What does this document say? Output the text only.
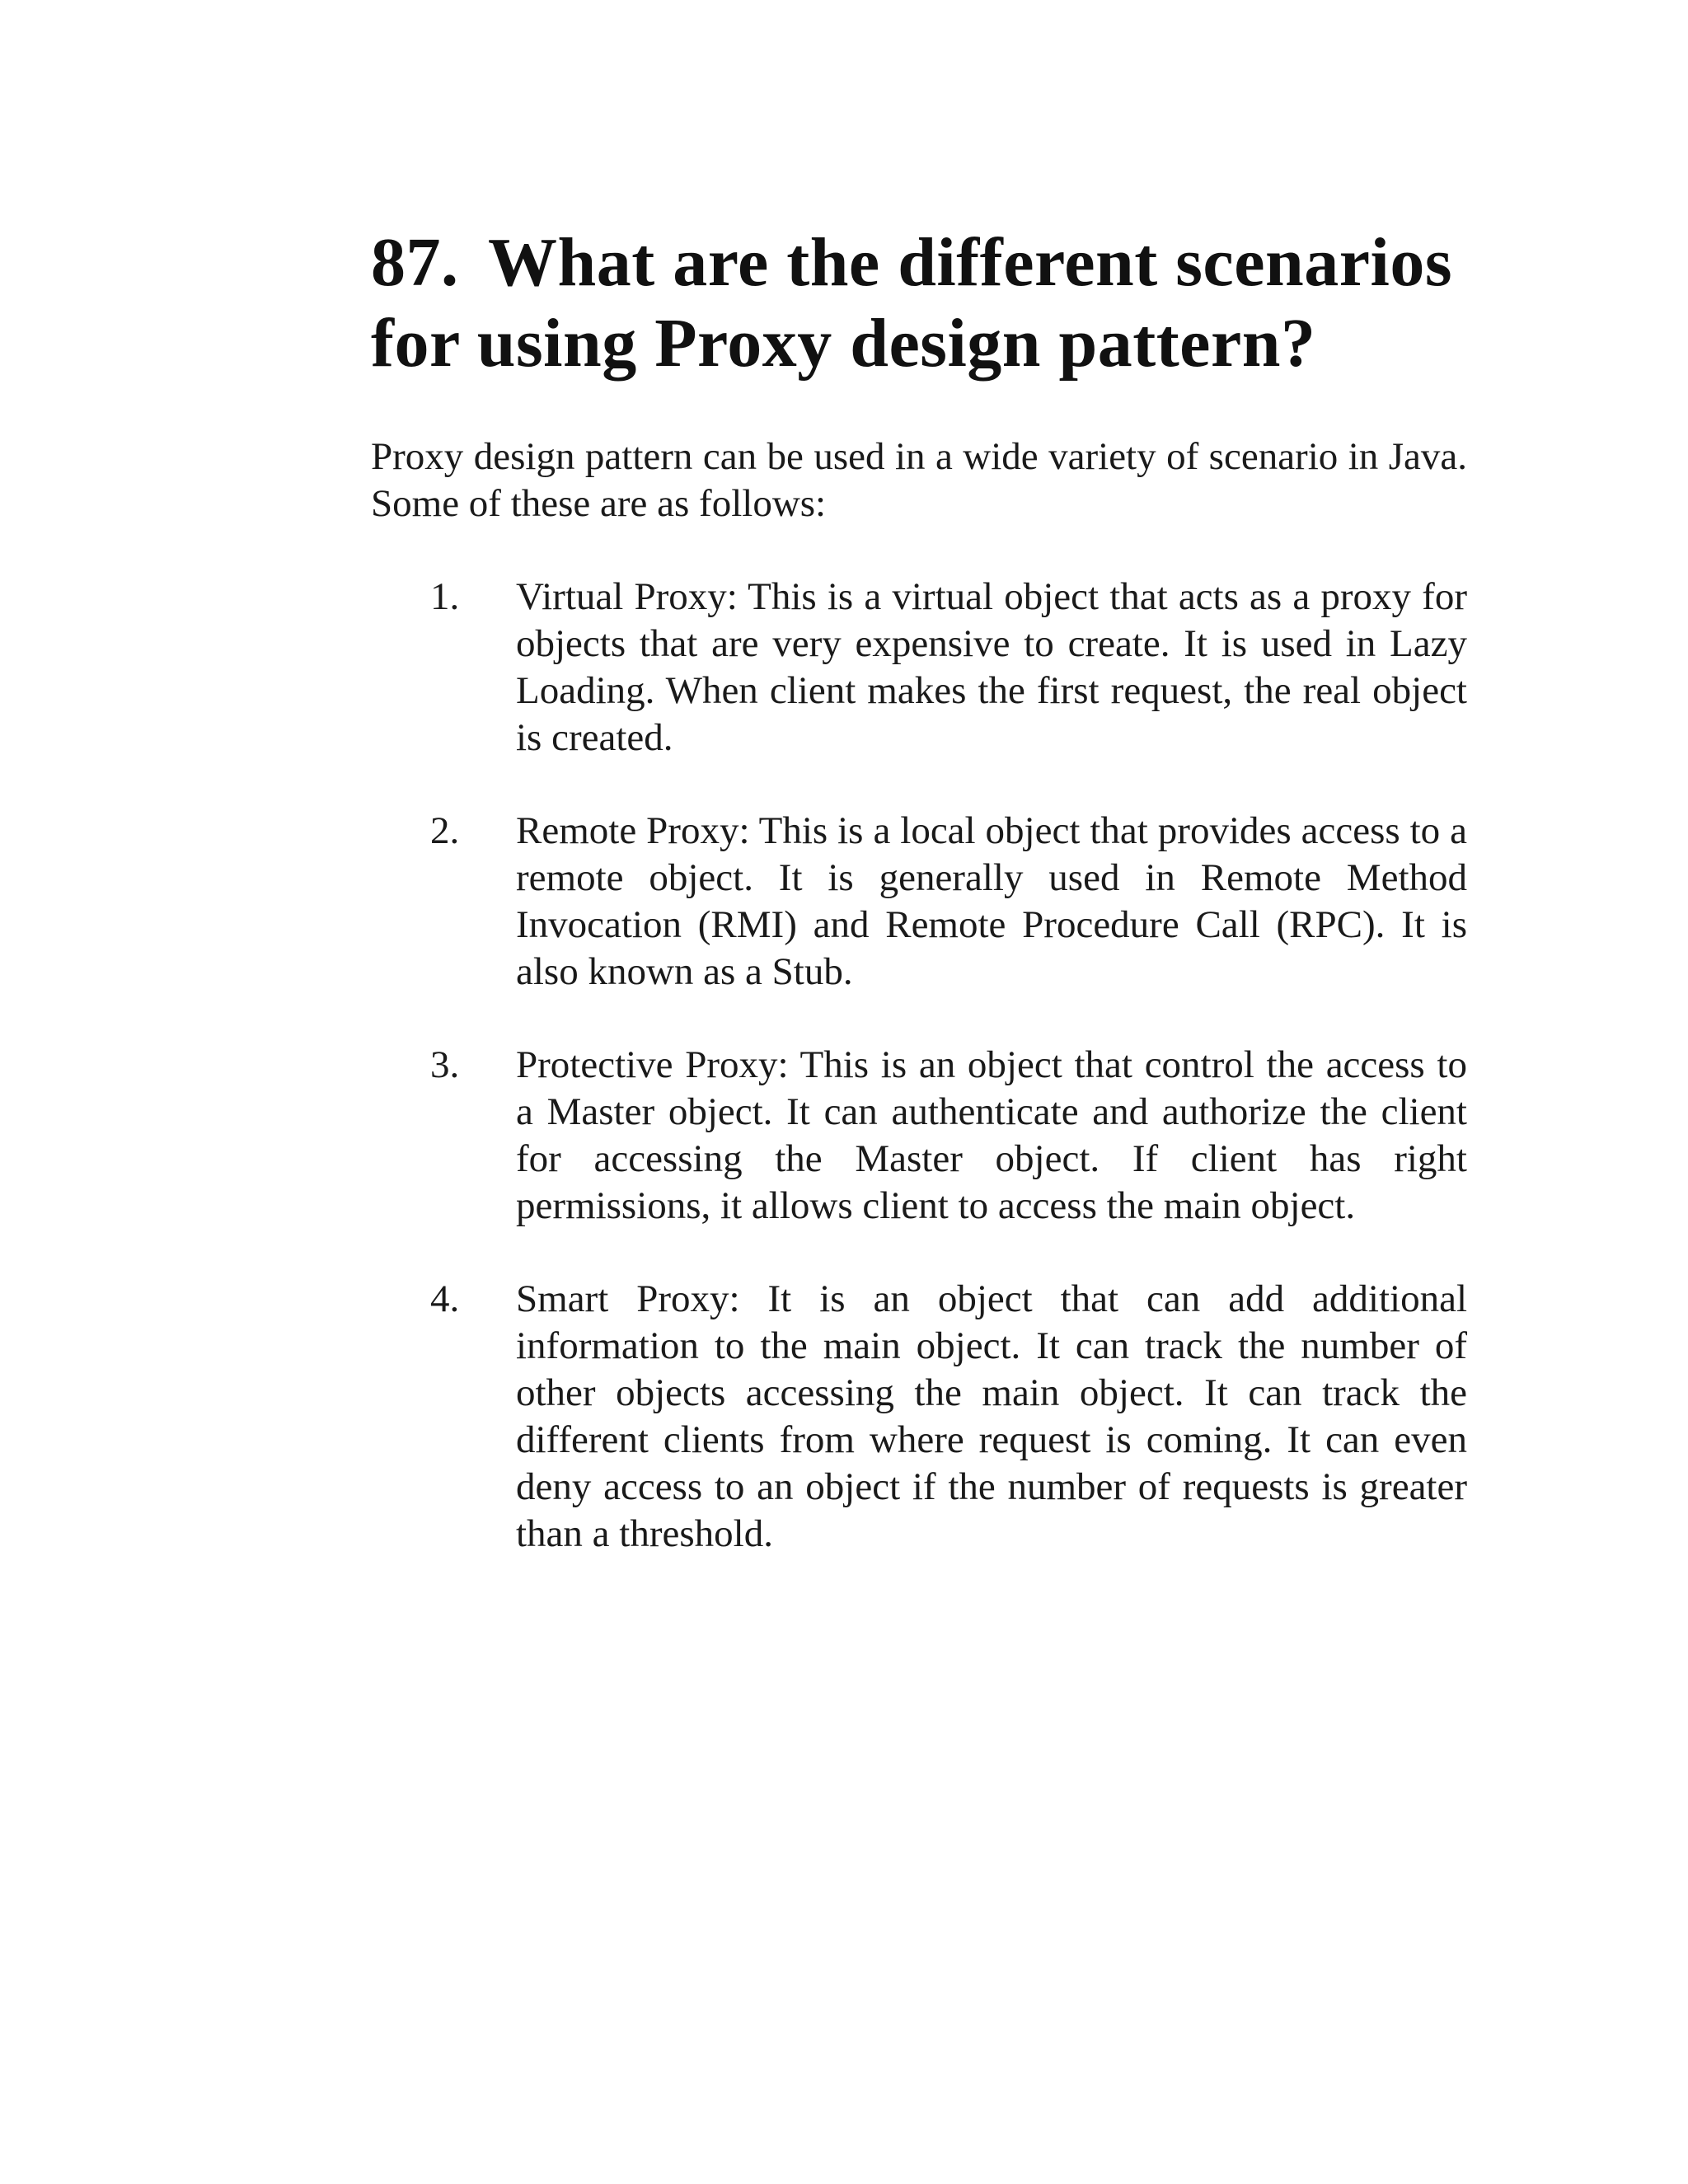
87. What are the different scenarios for using Proxy design pattern?

Proxy design pattern can be used in a wide variety of scenario in Java. Some of these are as follows:

1. Virtual Proxy: This is a virtual object that acts as a proxy for objects that are very expensive to create. It is used in Lazy Loading. When client makes the first request, the real object is created.
2. Remote Proxy: This is a local object that provides access to a remote object. It is generally used in Remote Method Invocation (RMI) and Remote Procedure Call (RPC). It is also known as a Stub.
3. Protective Proxy: This is an object that control the access to a Master object. It can authenticate and authorize the client for accessing the Master object. If client has right permissions, it allows client to access the main object.
4. Smart Proxy: It is an object that can add additional information to the main object. It can track the number of other objects accessing the main object. It can track the different clients from where request is coming. It can even deny access to an object if the number of requests is greater than a threshold.
